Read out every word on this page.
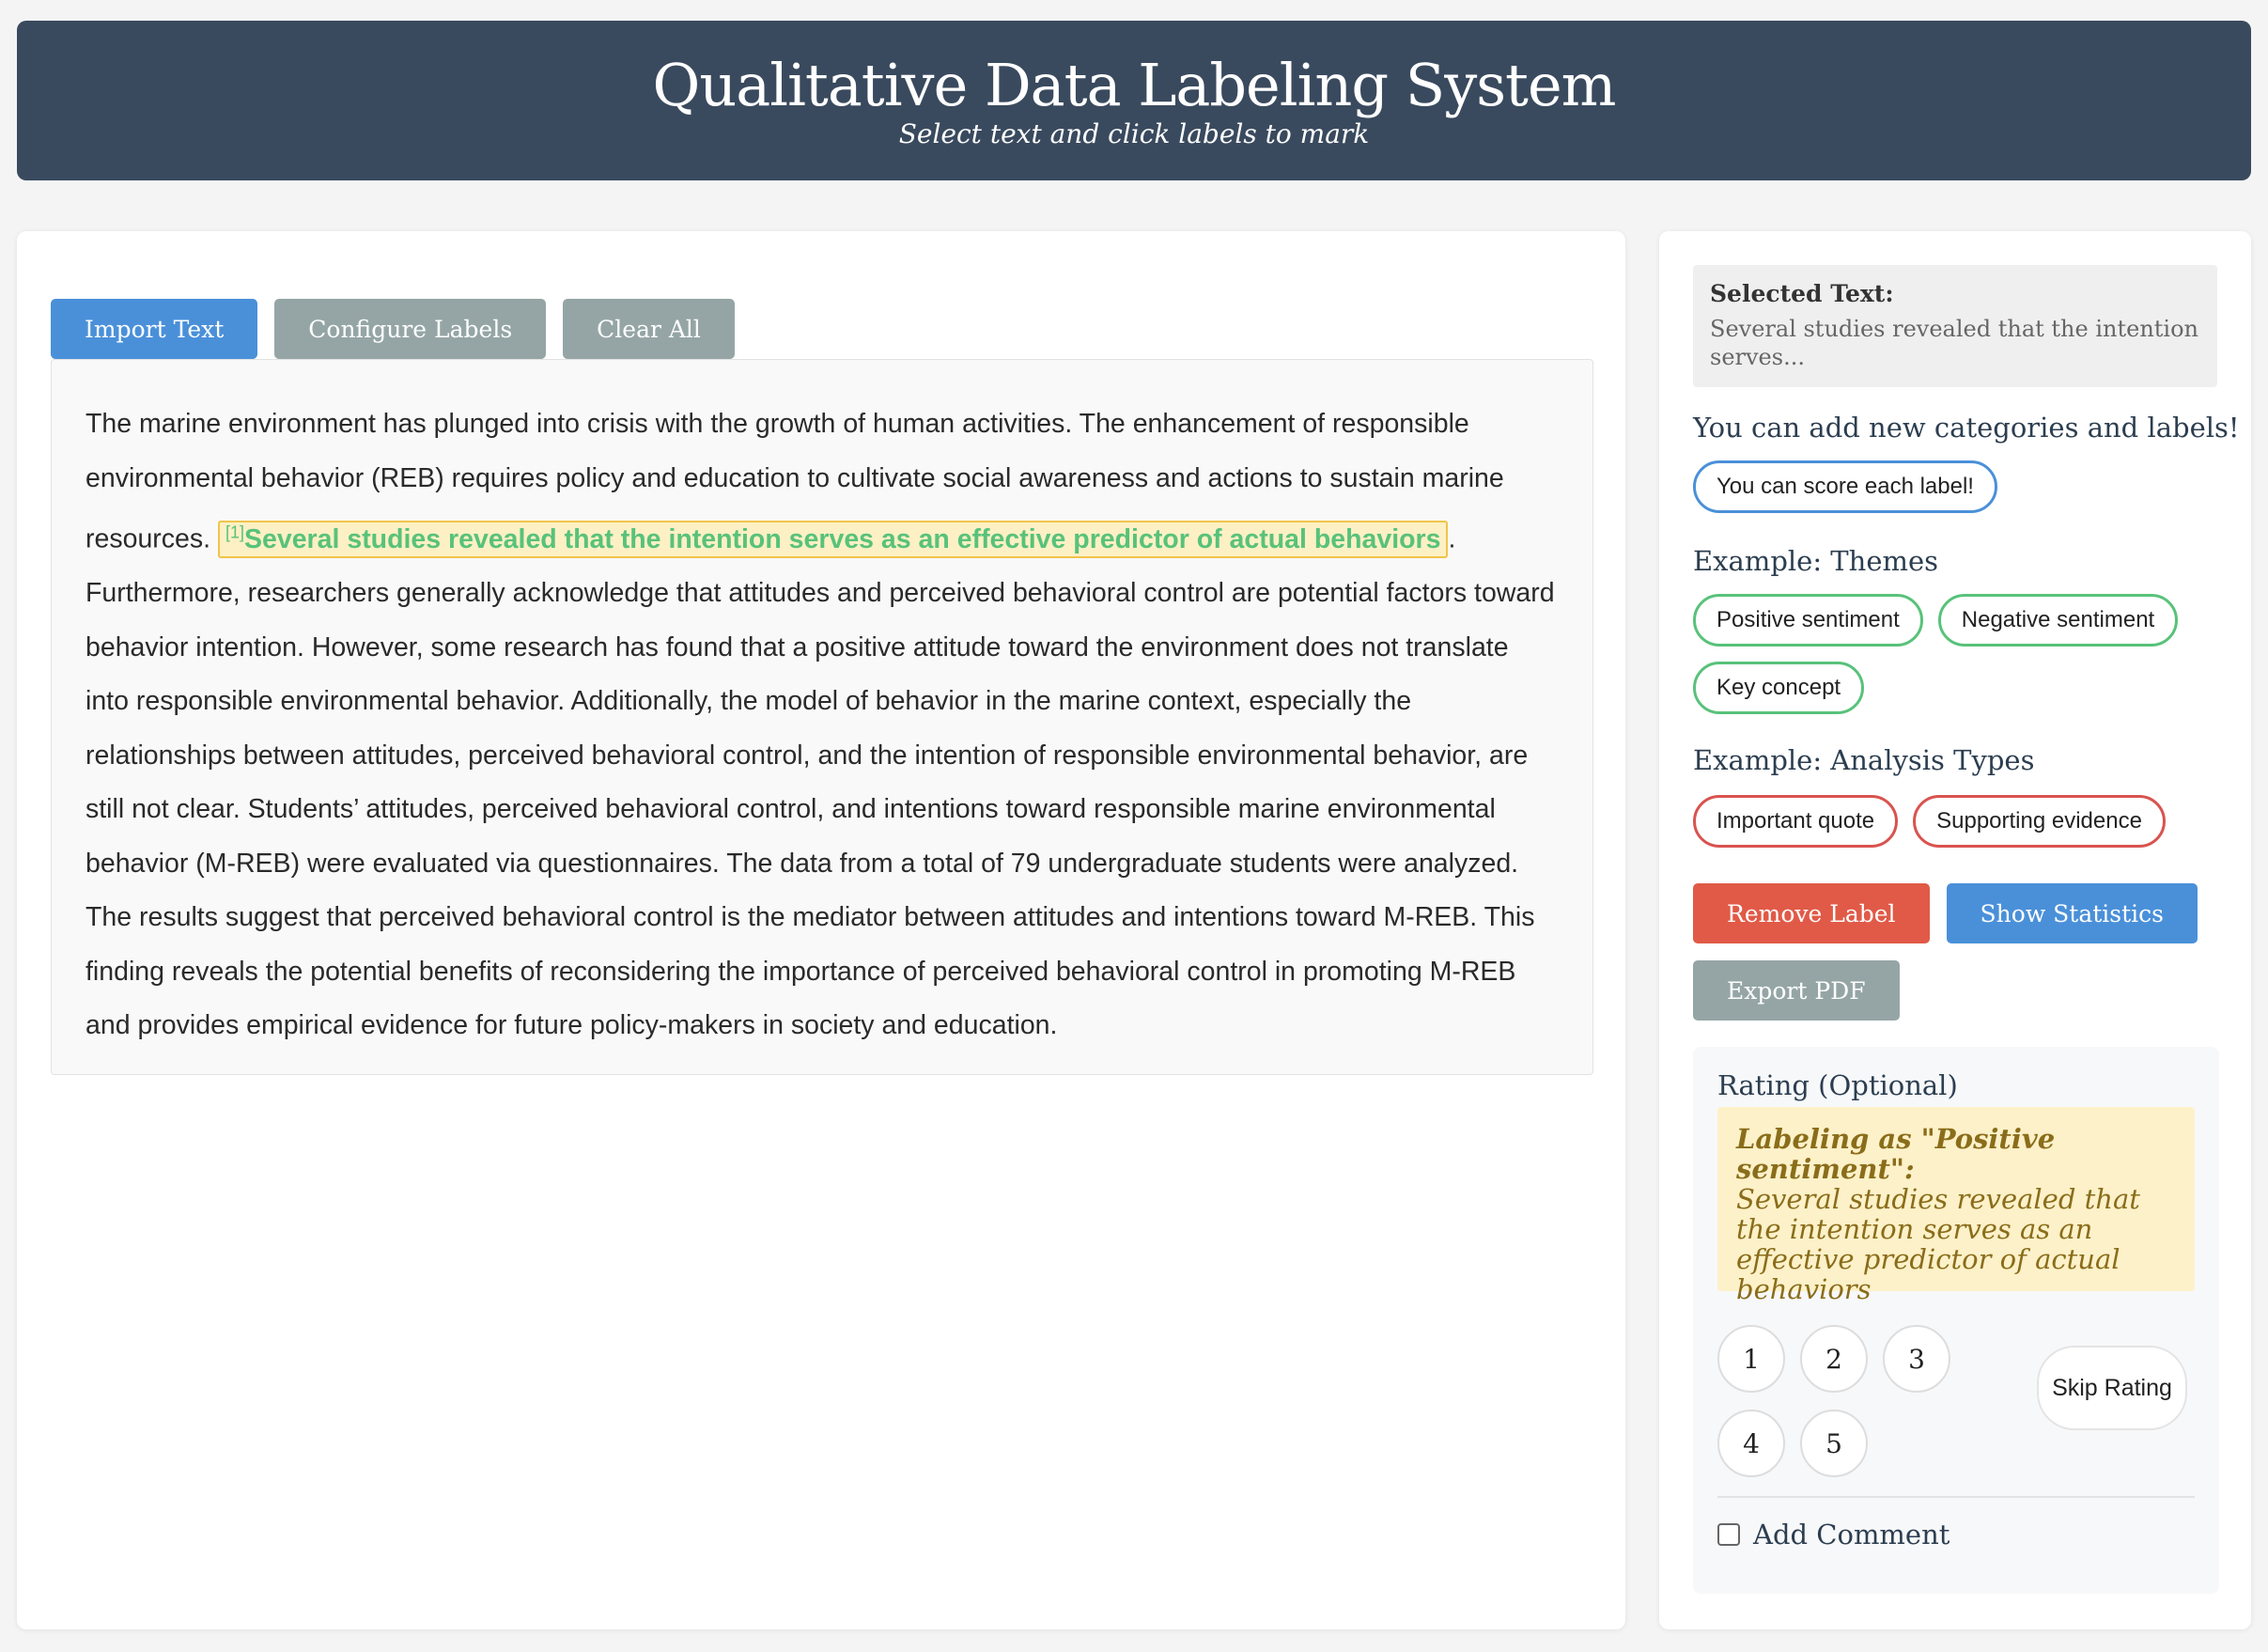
Qualitative Data Labeling System
Select text and click labels to mark
Import Text	Configure Labels	Clear All
The marine environment has plunged into crisis with the growth of human activities. The enhancement of responsible environmental behavior (REB) requires policy and education to cultivate social awareness and actions to sustain marine resources. [1]Several studies revealed that the intention serves as an effective predictor of actual behaviors . Furthermore, researchers generally acknowledge that attitudes and perceived behavioral control are potential factors toward behavior intention. However, some research has found that a positive attitude toward the environment does not translate into responsible environmental behavior. Additionally, the model of behavior in the marine context, especially the relationships between attitudes, perceived behavioral control, and the intention of responsible environmental behavior, are still not clear. Students’ attitudes, perceived behavioral control, and intentions toward responsible marine environmental behavior (M-REB) were evaluated via questionnaires. The data from a total of 79 undergraduate students were analyzed. The results suggest that perceived behavioral control is the mediator between attitudes and intentions toward M-REB. This finding reveals the potential benefits of reconsidering the importance of perceived behavioral control in promoting M-REB and provides empirical evidence for future policy-makers in society and education.
Selected Text:
Several studies revealed that the intention serves...
You can add new categories and labels!
You can score each label!
Example: Themes
Positive sentiment	Negative sentiment
Key concept
Example: Analysis Types
Important quote	Supporting evidence
Remove Label	Show Statistics
Export PDF
Rating (Optional)
Labeling as "Positive sentiment":
Several studies revealed that the intention serves as an effective predictor of actual behaviors
1	2	3
4	5
Skip Rating
Add Comment
